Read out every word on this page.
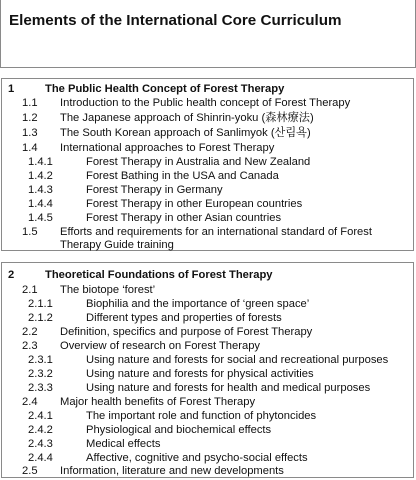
Elements of the International Core Curriculum
1	The Public Health Concept of Forest Therapy
1.1 Introduction to the Public health concept of Forest Therapy
1.2 The Japanese approach of Shinrin-yoku (森林療法)
1.3 The South Korean approach of Sanlimyok (산림욕)
1.4 International approaches to Forest Therapy
1.4.1	Forest Therapy in Australia and New Zealand
1.4.2	Forest Bathing in the USA and Canada
1.4.3	Forest Therapy in Germany
1.4.4	Forest Therapy in other European countries
1.4.5	Forest Therapy in other Asian countries
1.5 Efforts and requirements for an international standard of Forest
Therapy Guide training
2	Theoretical Foundations of Forest Therapy
2.1 The biotope ‘forest’
2.1.1	Biophilia and the importance of ‘green space’
2.1.2	Different types and properties of forests
2.2 Definition, specifics and purpose of Forest Therapy
2.3 Overview of research on Forest Therapy
2.3.1	Using nature and forests for social and recreational purposes
2.3.2	Using nature and forests for physical activities
2.3.3	Using nature and forests for health and medical purposes
2.4 Major health benefits of Forest Therapy
2.4.1	The important role and function of phytoncides
2.4.2	Physiological and biochemical effects
2.4.3	Medical effects
2.4.4	Affective, cognitive and psycho-social effects
2.5 Information, literature and new developments
